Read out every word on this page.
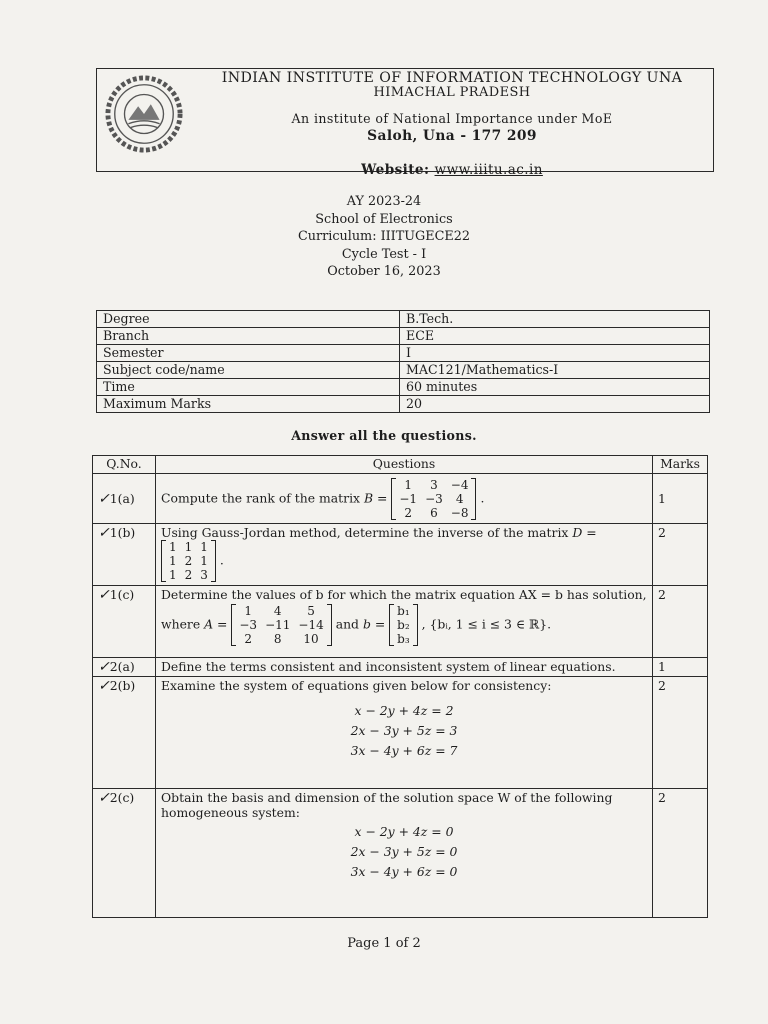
INDIAN INSTITUTE OF INFORMATION TECHNOLOGY UNA
HIMACHAL PRADESH
An institute of National Importance under MoE
Saloh, Una - 177 209
Website: www.iiitu.ac.in
AY 2023-24
School of Electronics
Curriculum: IIITUGECE22
Cycle Test - I
October 16, 2023
Degree	B.Tech.
Branch	ECE
Semester	I
Subject code/name	MAC121/Mathematics-I
Time	60 minutes
Maximum Marks	20
Answer all the questions.
Q.No.	Questions	Marks
✓1(a)	Compute the rank of the matrix B =
1	3	−4
−1	−3	4
2	6	−8
.	1
✓1(b)	Using Gauss-Jordan method, determine the inverse of the matrix D =

1	1	1
1	2	1
1	2	3
.	2
✓1(c)	Determine the values of b for which the matrix equation AX = b has solution,
where A =
1	4	5
−3	−11	−14
2	8	10
and b =
b₁
b₂
b₃
, {bᵢ, 1 ≤ i ≤ 3 ∈ ℝ}.
	2
✓2(a)	Define the terms consistent and inconsistent system of linear equations.	1
✓2(b)	Examine the system of equations given below for consistency:
x − 2y + 4z = 2
2x − 3y + 5z = 3
3x − 4y + 6z = 7
	2
✓2(c)	Obtain the basis and dimension of the solution space W of the following homogeneous system:
x − 2y + 4z = 0
2x − 3y + 5z = 0
3x − 4y + 6z = 0
	2
Page 1 of 2
